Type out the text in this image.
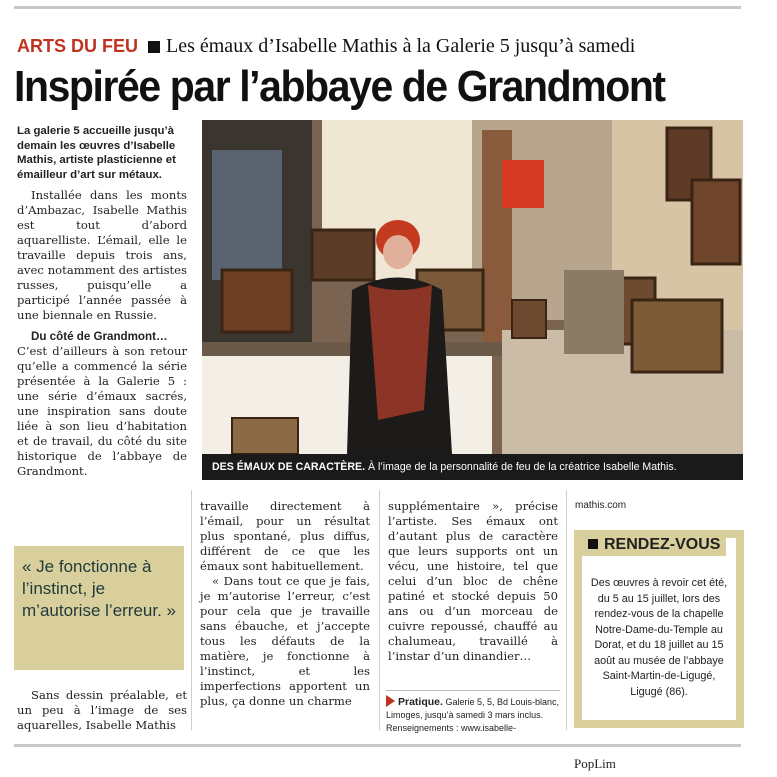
ARTS DU FEU Les émaux d’Isabelle Mathis à la Galerie 5 jusqu’à samedi
Inspirée par l’abbaye de Grandmont

La galerie 5 accueille jusqu’à demain les œuvres d’Isabelle Mathis, artiste plasticienne et émailleur d’art sur métaux.

Installée dans les monts d’Ambazac, Isabelle Mathis est tout d’abord aquarelliste. L’émail, elle le travaille depuis trois ans, avec notamment des artistes russes, puisqu’elle a participé l’année passée à une biennale en Russie.

Du côté de Grandmont…
C’est d’ailleurs à son retour qu’elle a commencé la série présentée à la Galerie 5 : une série d’émaux sacrés, une inspiration sans doute liée à son lieu d’habitation et de travail, du côté du site historique de l’abbaye de Grandmont.

« Je fonctionne à l’instinct, je m’autorise l’erreur. »
Sans dessin préalable, et un peu à l’image de ses aquarelles, Isabelle Mathis
DES ÉMAUX DE CARACTÈRE. À l’image de la personnalité de feu de la créatrice Isabelle Mathis.

travaille directement à l’émail, pour un résultat plus spontané, plus diffus, différent de ce que les émaux sont habituellement.

« Dans tout ce que je fais, je m’autorise l’erreur, c’est pour cela que je travaille sans ébauche, et j’accepte tous les défauts de la matière, je fonctionne à l’instinct, et les imperfections apportent un plus, ça donne un charme

supplémentaire », précise l’artiste. Ses émaux ont d’autant plus de caractère que leurs supports ont un vécu, une histoire, tel que celui d’un bloc de chêne patiné et stocké depuis 50 ans ou d’un morceau de cuivre repoussé, chauffé au chalumeau, travaillé à l’instar d’un dinandier…

Pratique. Galerie 5, 5, Bd Louis-blanc, Limoges, jusqu’à samedi 3 mars inclus. Renseignements : www.isabelle-
mathis.com
Des œuvres à revoir cet été, du 5 au 15 juillet, lors des rendez-vous de la chapelle Notre-Dame-du-Temple au Dorat, et du 18 juillet au 15 août au musée de l’abbaye Saint-Martin-de-Ligugé, Ligugé (86).
RENDEZ-VOUS
PopLim
